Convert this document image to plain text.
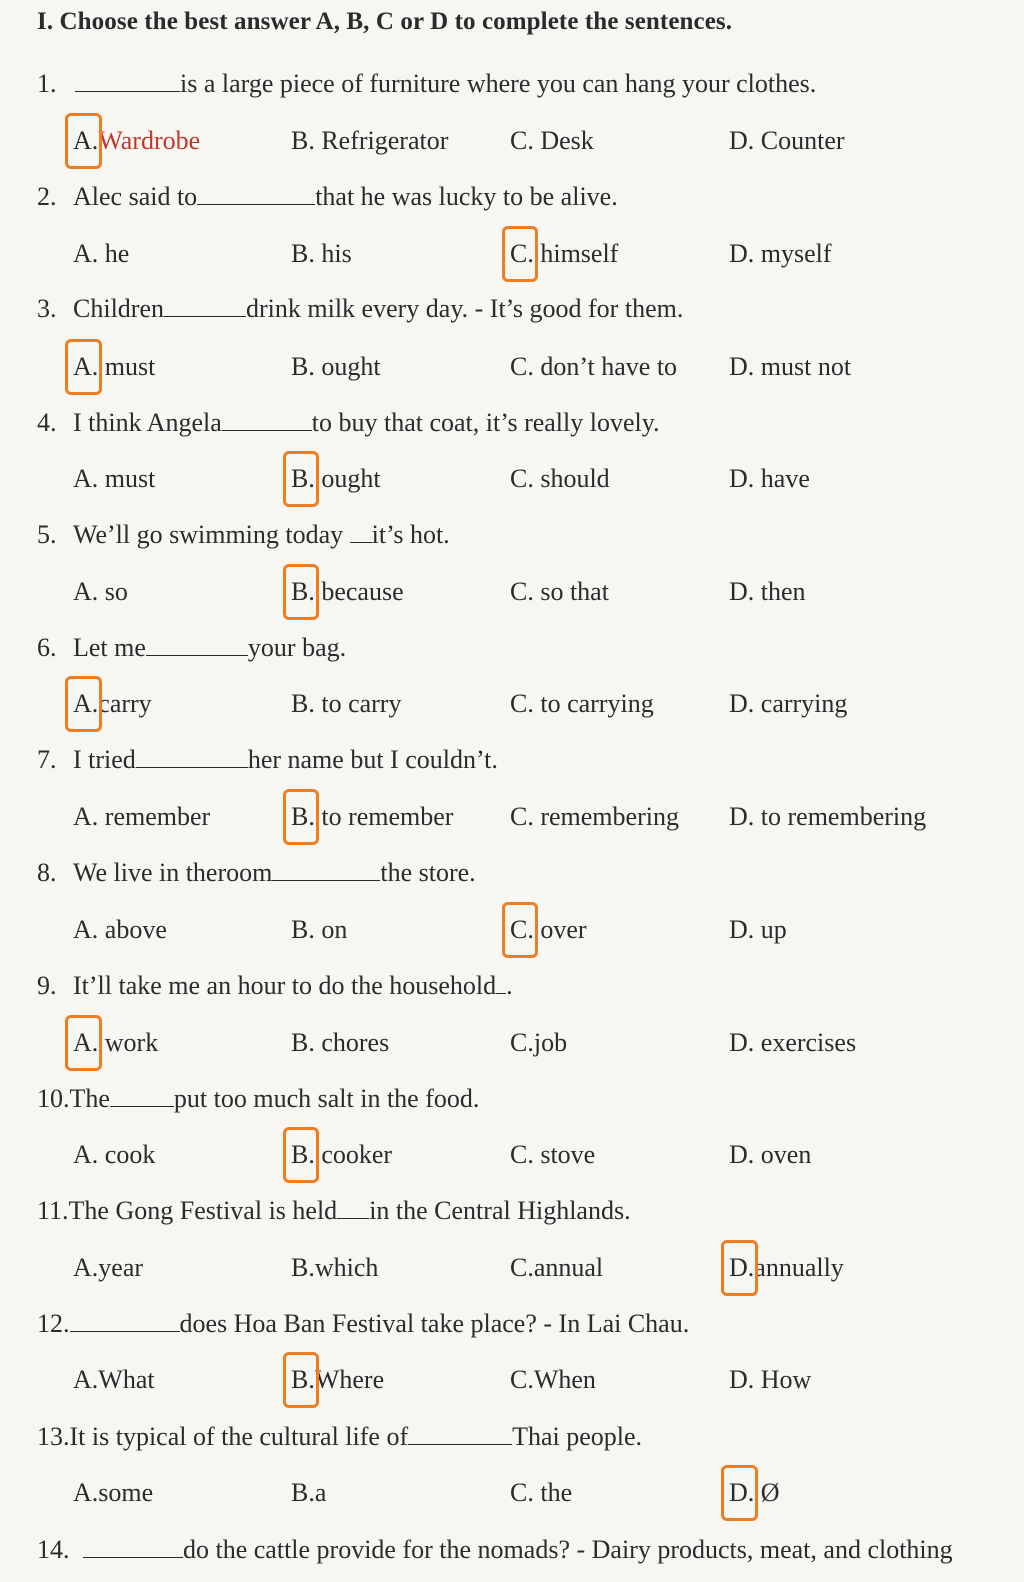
I. Choose the best answer A, B, C or D to complete the sentences.
1.	is a large piece of furniture where you can hang your clothes.
A.Wardrobe	B. Refrigerator C. Desk	D. Counter
2. Alec said to	that he was lucky to be alive.
A. he	B. his	C. himself	D. myself
3. Children	drink milk every day. - It’s good for them.
A. must	B. ought	C. don’t have to D. must not
4. I think Angela	to buy that coat, it’s really lovely.
A. must	B. ought	C. should	D. have
5. We’ll go swimming today it’s hot.
A. so	B. because	C. so that	D. then
6. Let me	your bag.
A.carry	B. to carry	C. to carrying	D. carrying
7. I tried	her name but I couldn’t.
A. remember	B. to remember C. remembering D. to remembering
8. We live in theroom	the store.
A. above	B. on	C. over	D. up
9. It’ll take me an hour to do the household .
A. work	B. chores	C.job	D. exercises
10.The put too much salt in the food.
A. cook	B. cooker	C. stove	D. oven
11.The Gong Festival is held in the Central Highlands.
A.year	B.which	C.annual	D.annually
12.	does Hoa Ban Festival take place? - In Lai Chau.
A.What	B.Where	C.When	D. How
13.It is typical of the cultural life of	Thai people.
A.some	B.a	C. the	D. Ø
14.	do the cattle provide for the nomads? - Dairy products, meat, and clothing
